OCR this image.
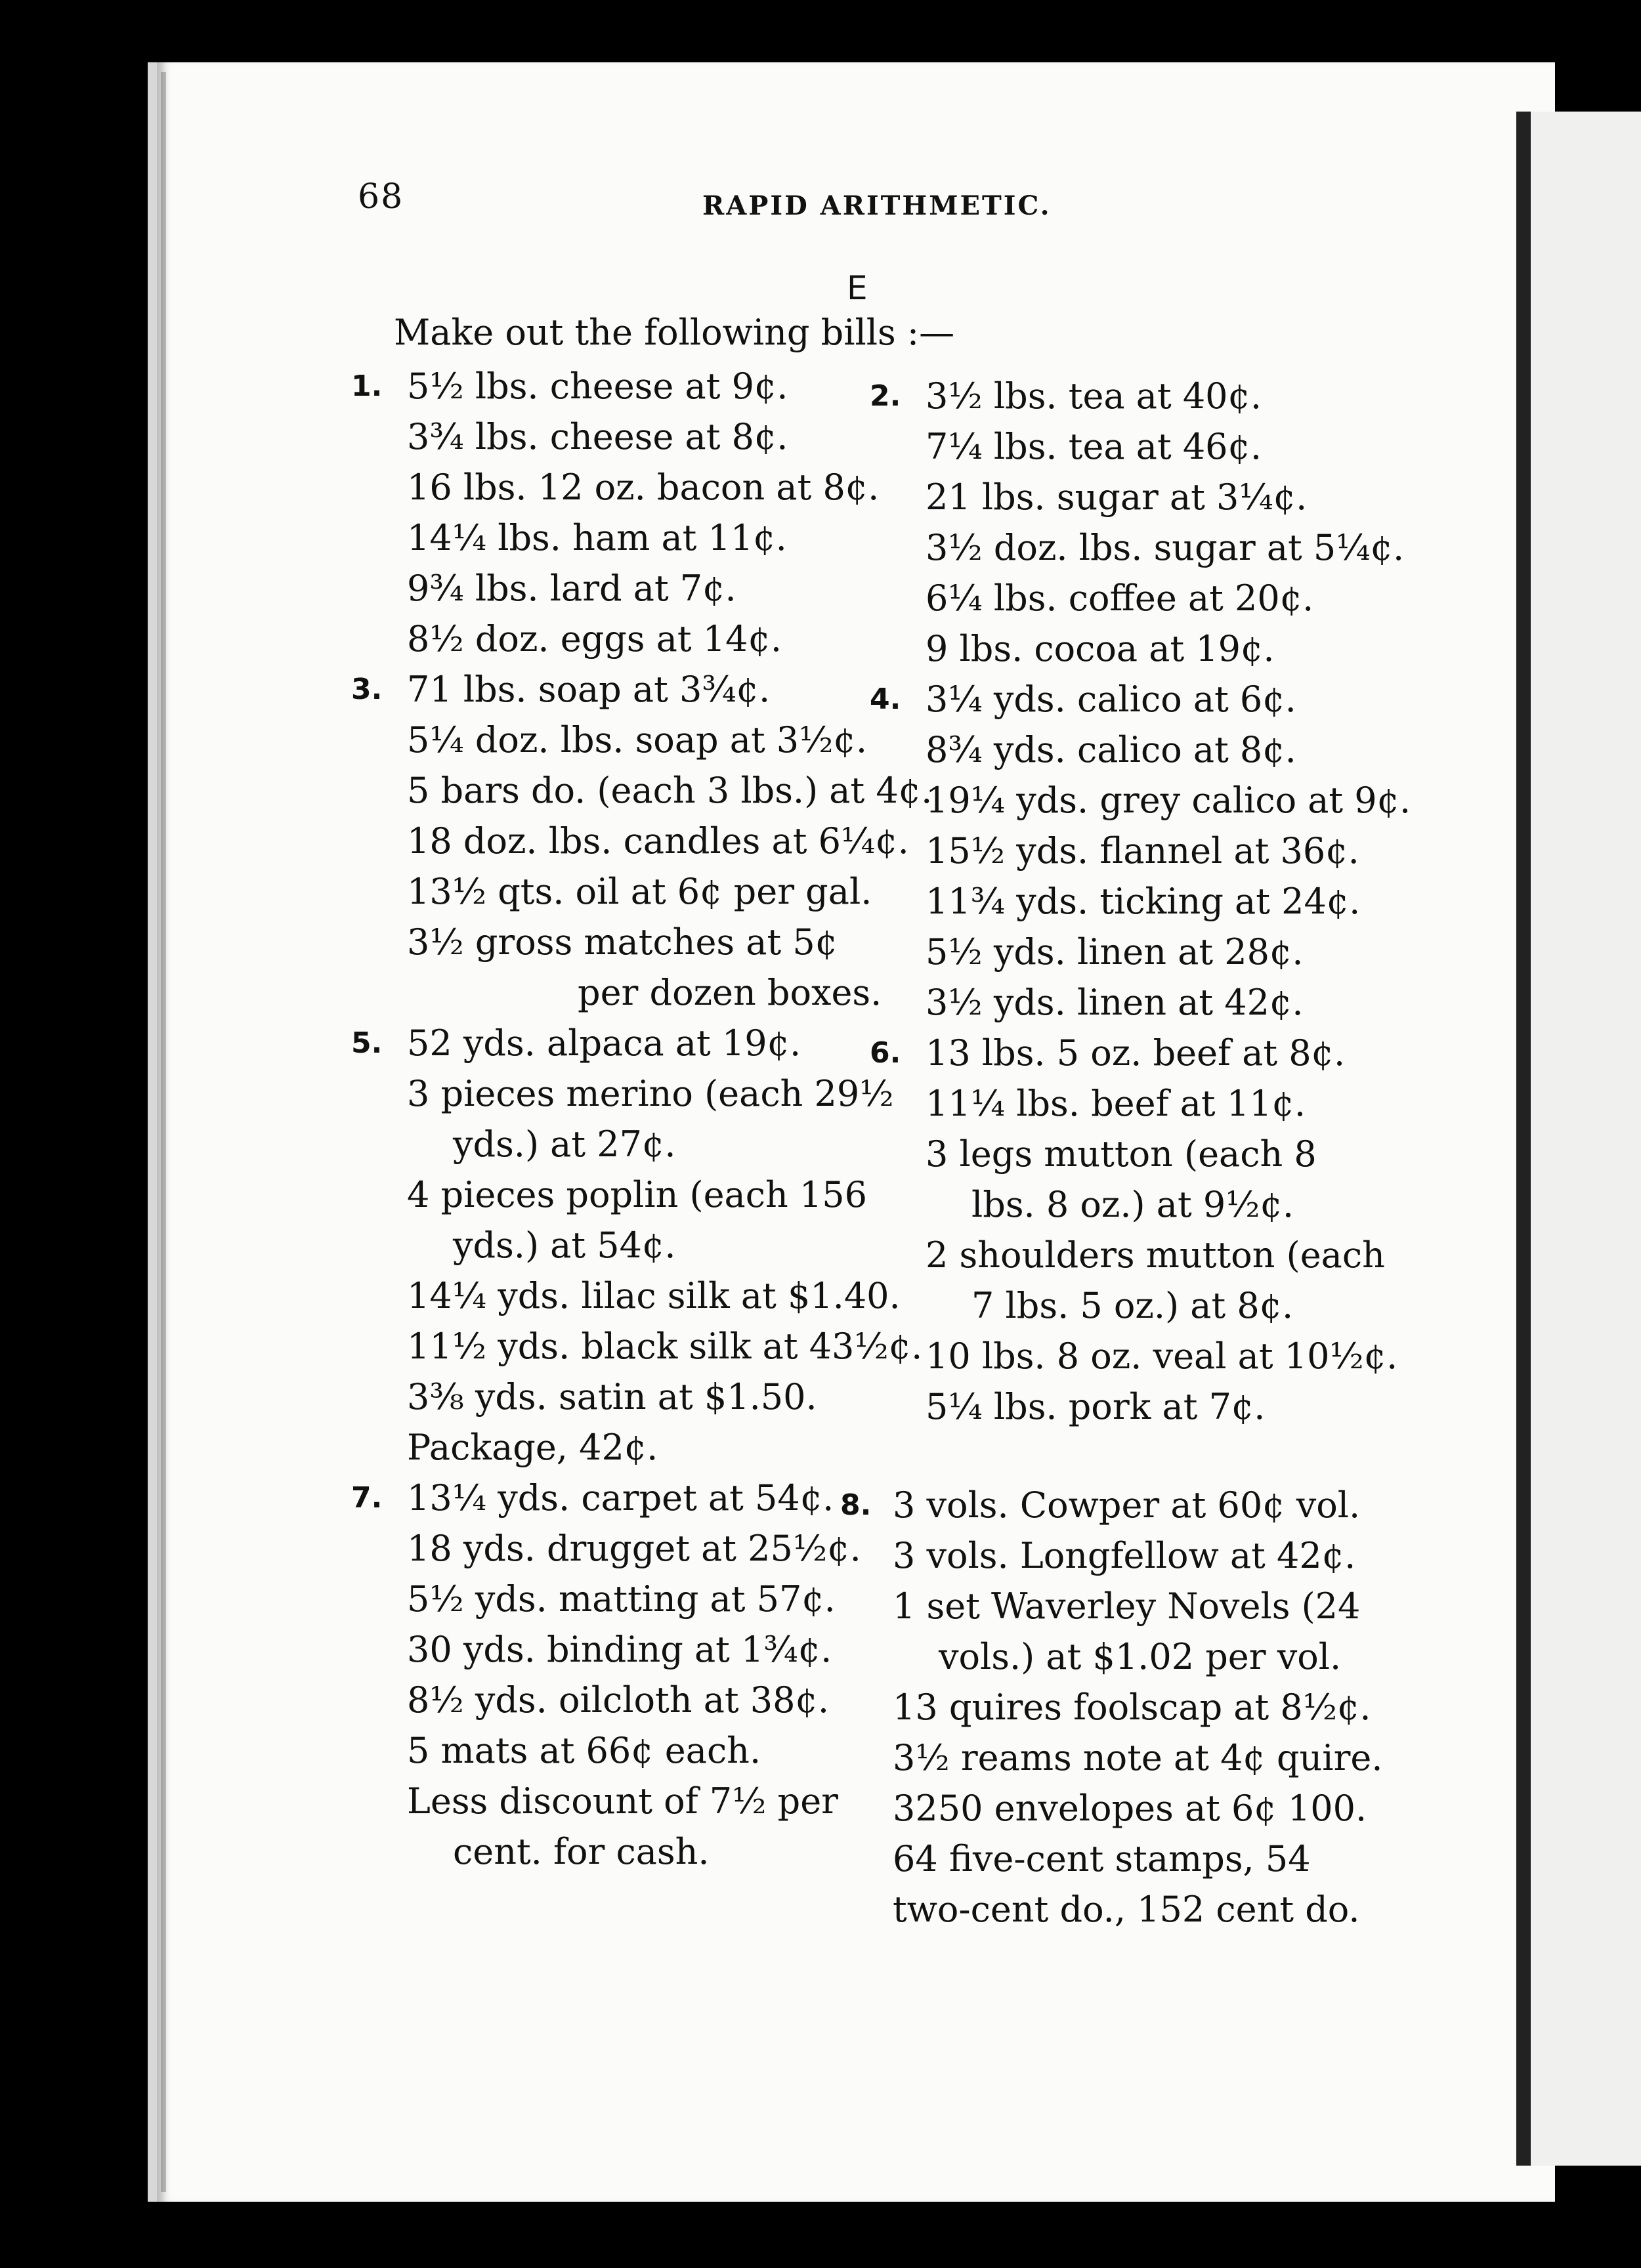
68	RAPID ARITHMETIC.
E
Make out the following bills :—
1. 5½ lbs. cheese at 9¢.
3¾ lbs. cheese at 8¢.
16 lbs. 12 oz. bacon at 8¢.
14¼ lbs. ham at 11¢.
9¾ lbs. lard at 7¢.
8½ doz. eggs at 14¢.
3. 71 lbs. soap at 3¾¢.
5¼ doz. lbs. soap at 3½¢.
5 bars do. (each 3 lbs.) at 4¢.
18 doz. lbs. candles at 6¼¢.
13½ qts. oil at 6¢ per gal.
3½ gross matches at 5¢
per dozen boxes.
5. 52 yds. alpaca at 19¢.
3 pieces merino (each 29½
yds.) at 27¢.
4 pieces poplin (each 156
yds.) at 54¢.
14¼ yds. lilac silk at $1.40.
11½ yds. black silk at 43½¢.
3⅜ yds. satin at $1.50.
Package, 42¢.
7. 13¼ yds. carpet at 54¢.
18 yds. drugget at 25½¢.
5½ yds. matting at 57¢.
30 yds. binding at 1¾¢.
8½ yds. oilcloth at 38¢.
5 mats at 66¢ each.
Less discount of 7½ per
cent. for cash.
2. 3½ lbs. tea at 40¢.
7¼ lbs. tea at 46¢.
21 lbs. sugar at 3¼¢.
3½ doz. lbs. sugar at 5¼¢.
6¼ lbs. coffee at 20¢.
9 lbs. cocoa at 19¢.
4. 3¼ yds. calico at 6¢.
8¾ yds. calico at 8¢.
19¼ yds. grey calico at 9¢.
15½ yds. flannel at 36¢.
11¾ yds. ticking at 24¢.
5½ yds. linen at 28¢.
3½ yds. linen at 42¢.
6. 13 lbs. 5 oz. beef at 8¢.
11¼ lbs. beef at 11¢.
3 legs mutton (each 8
lbs. 8 oz.) at 9½¢.
2 shoulders mutton (each
7 lbs. 5 oz.) at 8¢.
10 lbs. 8 oz. veal at 10½¢.
5¼ lbs. pork at 7¢.
8. 3 vols. Cowper at 60¢ vol.
3 vols. Longfellow at 42¢.
1 set Waverley Novels (24
vols.) at $1.02 per vol.
13 quires foolscap at 8½¢.
3½ reams note at 4¢ quire.
3250 envelopes at 6¢ 100.
64 five-cent stamps, 54
two-cent do., 152 cent do.
